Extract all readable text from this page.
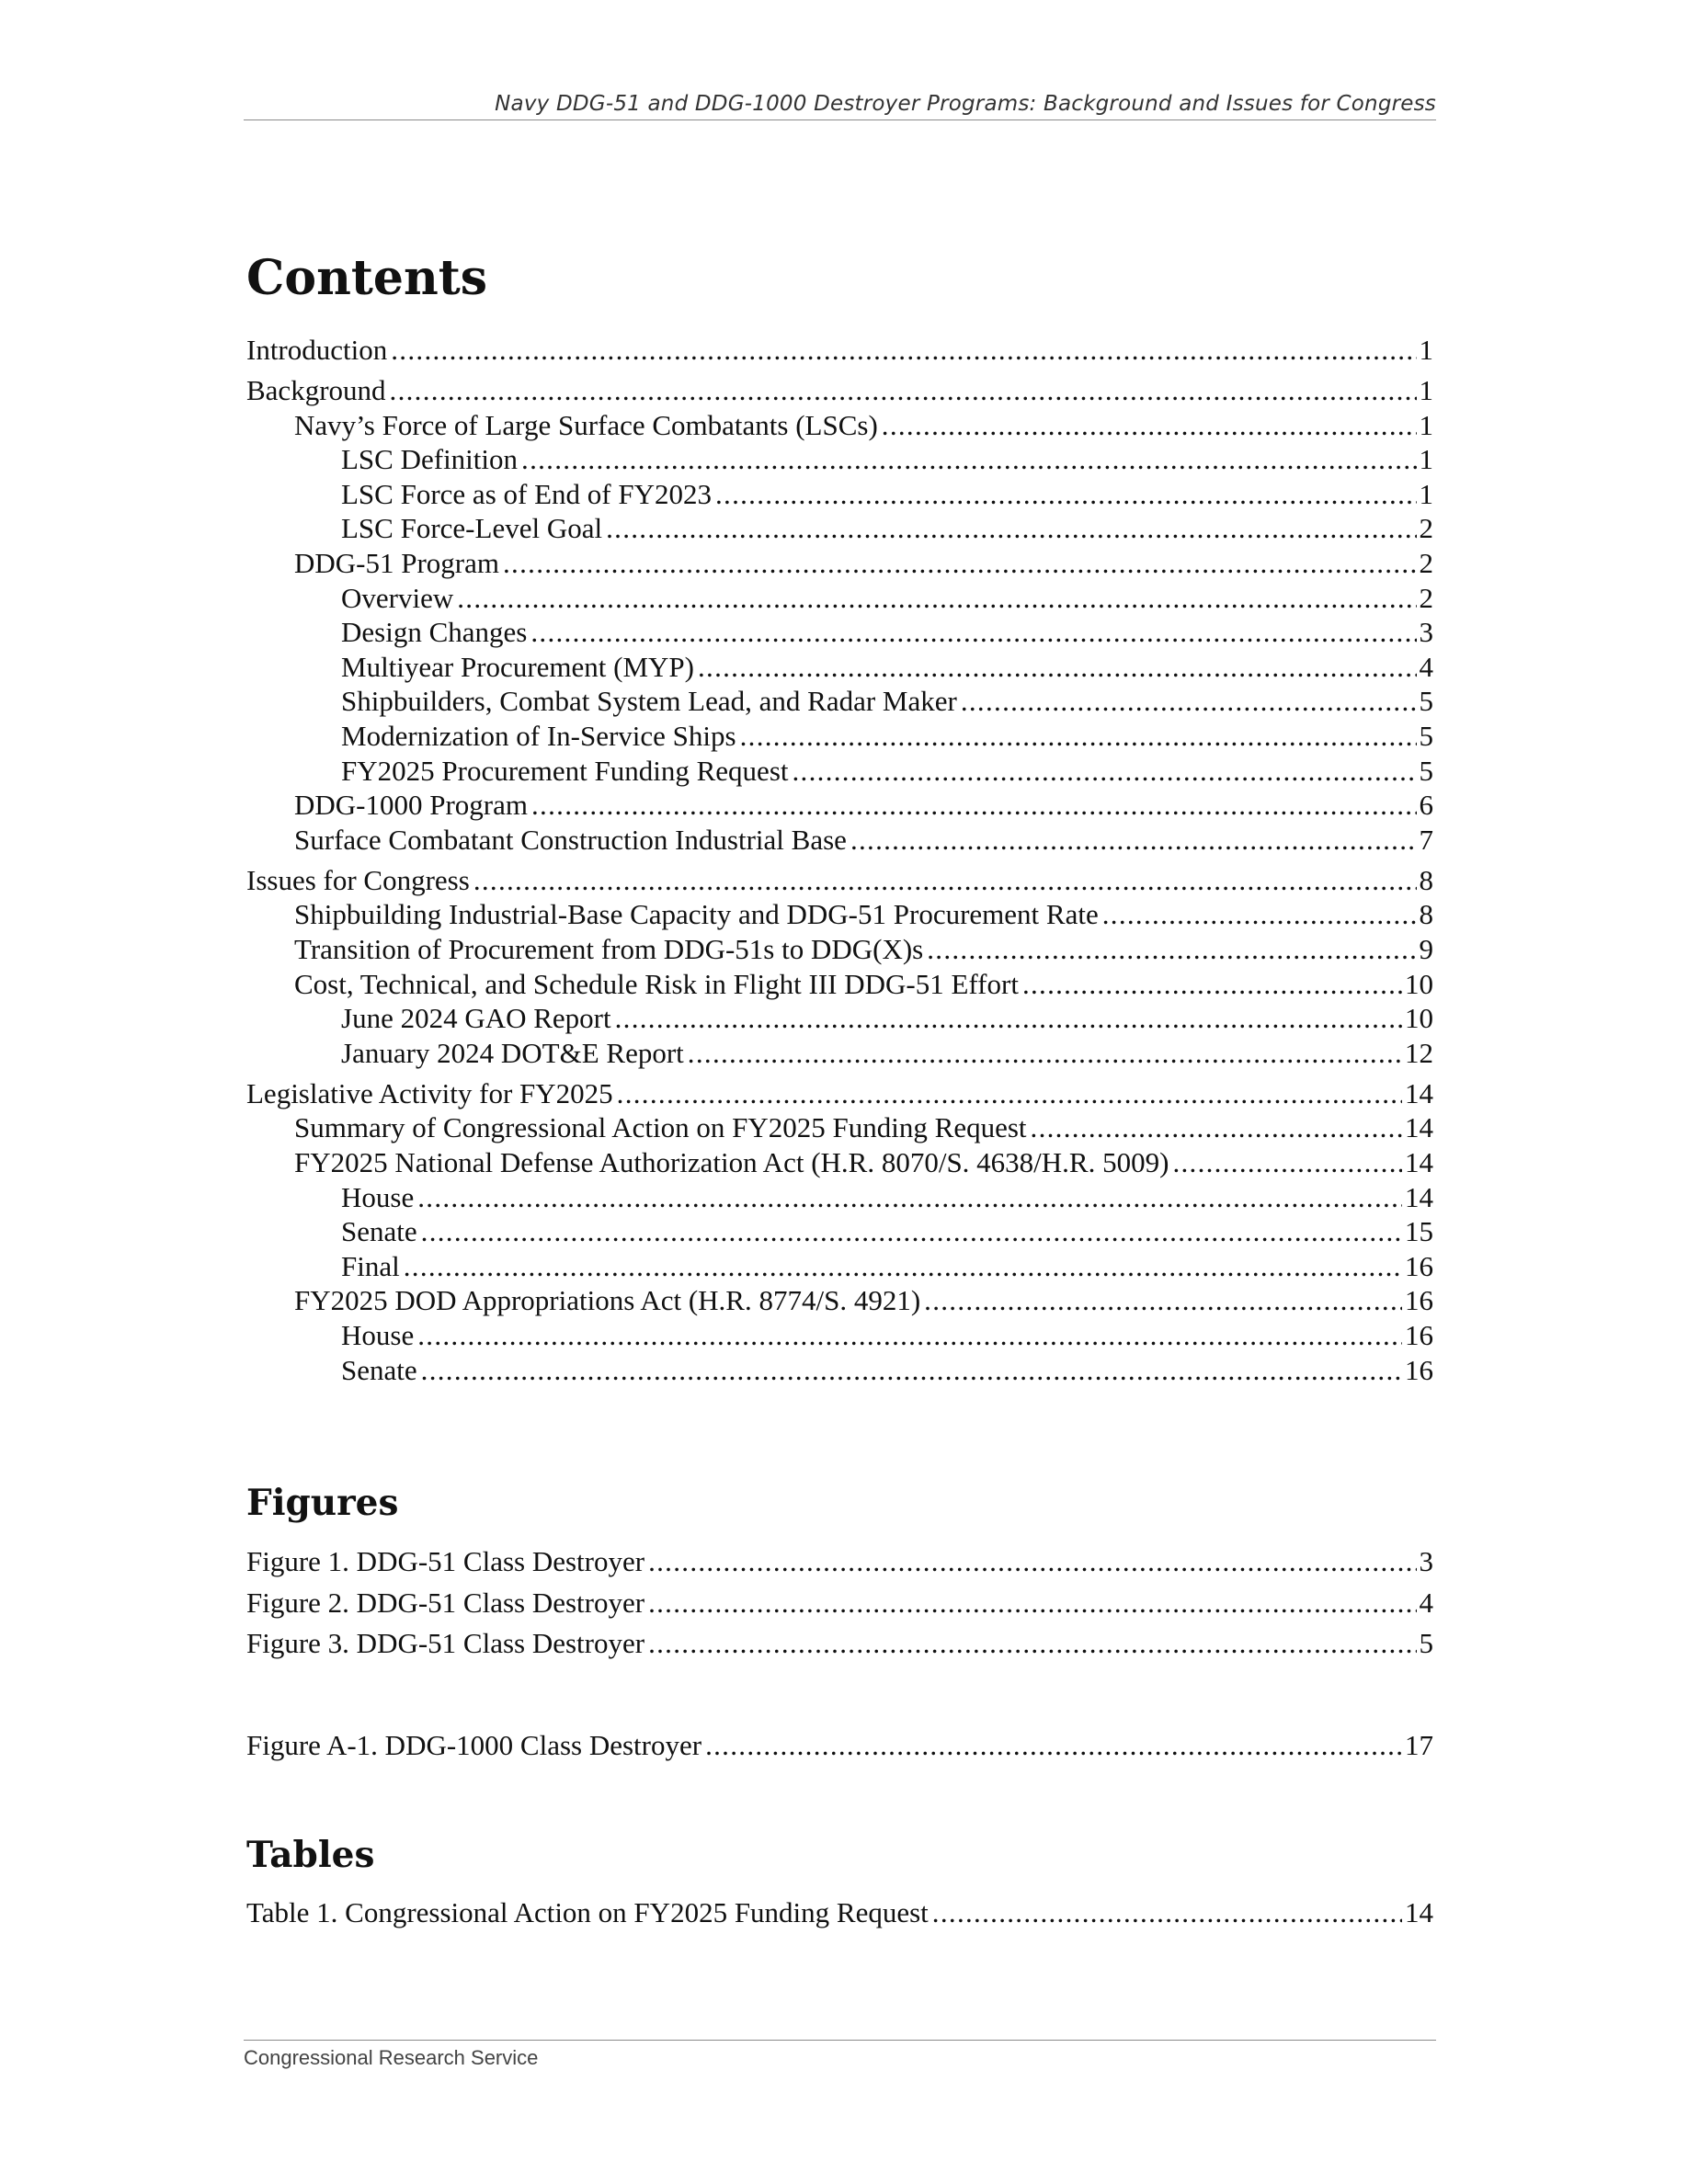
Navy DDG-51 and DDG-1000 Destroyer Programs: Background and Issues for Congress
Contents
Introduction .....	1
Background .....	1
Navy’s Force of Large Surface Combatants (LSCs) .....	1
LSC Definition .....	1
LSC Force as of End of FY2023 .....	1
LSC Force-Level Goal .....	2
DDG-51 Program .....	2
Overview .....	2
Design Changes .....	3
Multiyear Procurement (MYP) .....	4
Shipbuilders, Combat System Lead, and Radar Maker .....	5
Modernization of In-Service Ships .....	5
FY2025 Procurement Funding Request .....	5
DDG-1000 Program .....	6
Surface Combatant Construction Industrial Base .....	7
Issues for Congress .....	8
Shipbuilding Industrial-Base Capacity and DDG-51 Procurement Rate .....	8
Transition of Procurement from DDG-51s to DDG(X)s .....	9
Cost, Technical, and Schedule Risk in Flight III DDG-51 Effort .....	10
June 2024 GAO Report .....	10
January 2024 DOT&E Report .....	12
Legislative Activity for FY2025 .....	14
Summary of Congressional Action on FY2025 Funding Request .....	14
FY2025 National Defense Authorization Act (H.R. 8070/S. 4638/H.R. 5009) .....	14
House .....	14
Senate .....	15
Final .....	16
FY2025 DOD Appropriations Act (H.R. 8774/S. 4921) .....	16
House .....	16
Senate .....	16
Figures
Figure 1. DDG-51 Class Destroyer .....	3
Figure 2. DDG-51 Class Destroyer .....	4
Figure 3. DDG-51 Class Destroyer .....	5
Figure A-1. DDG-1000 Class Destroyer .....	17
Tables
Table 1. Congressional Action on FY2025 Funding Request .....	14
Congressional Research Service
